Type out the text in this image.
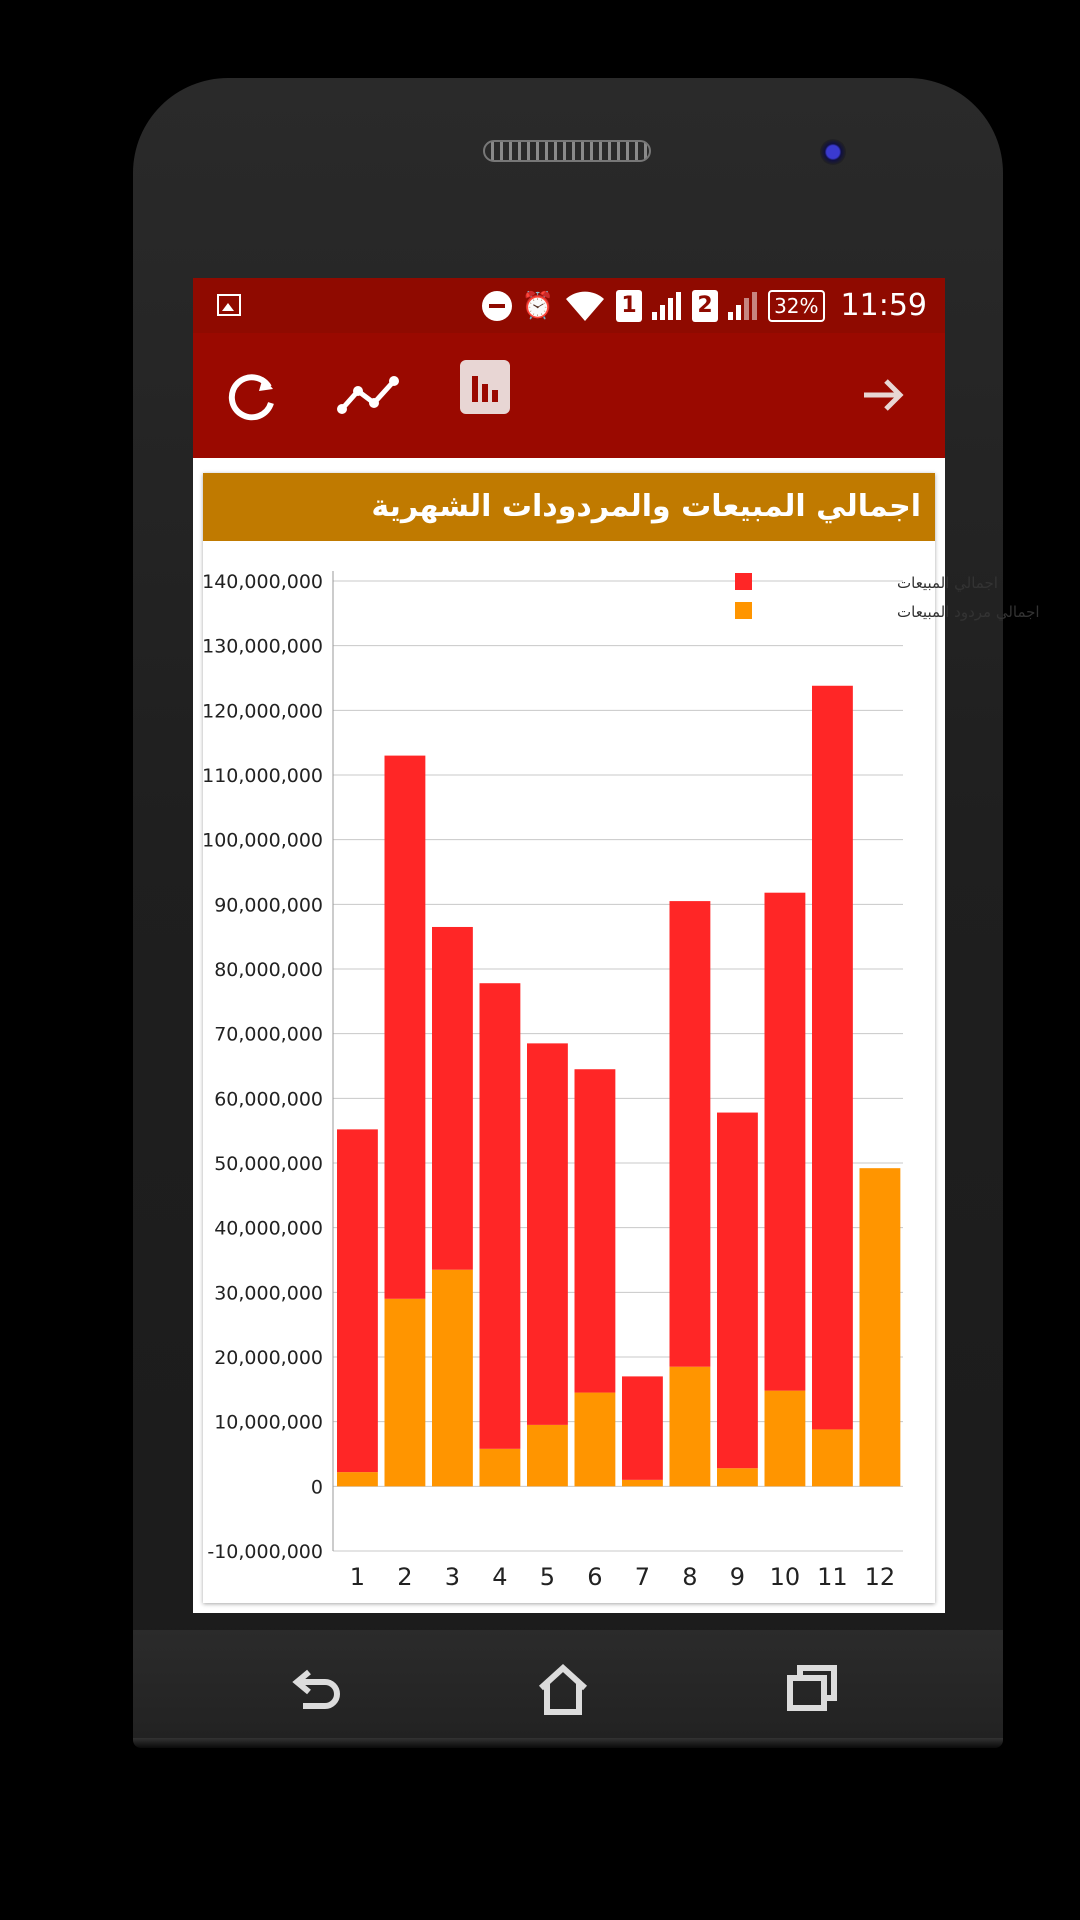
⏰	1	2	32% 11:59
اجمالي المبيعات والمردودات الشهرية
-10,000,000
0
10,000,000
20,000,000
30,000,000
40,000,000
50,000,000
60,000,000
70,000,000
80,000,000
90,000,000
100,000,000
110,000,000
120,000,000
130,000,000
140,000,000
1 2 3 4 5 6 7 8 9 10 11 12
اجمالي المبيعات
اجمالي مردود المبيعات
